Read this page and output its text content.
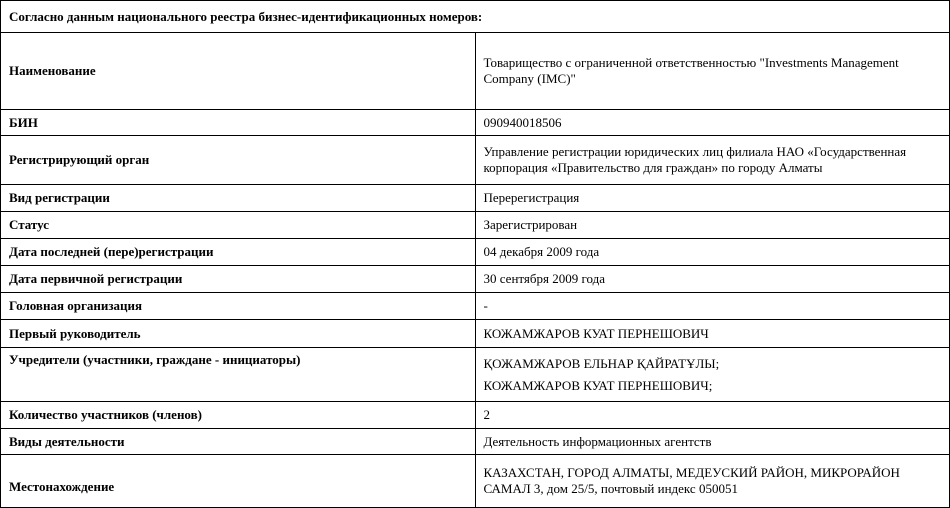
Согласно данным национального реестра бизнес-идентификационных номеров:	
Наименование	Товарищество с ограниченной ответственностью "Investments Management Company (IMC)"
БИН	090940018506
Регистрирующий орган	Управление регистрации юридических лиц филиала НАО «Государственная корпорация «Правительство для граждан» по городу Алматы
Вид регистрации	Перерегистрация
Статус	Зарегистрирован
Дата последней (пере)регистрации	04 декабря 2009 года
Дата первичной регистрации	30 сентября 2009 года
Головная организация	-
Первый руководитель	КОЖАМЖАРОВ КУАТ ПЕРНЕШОВИЧ
Учредители (участники, граждане - инициаторы)	ҚОЖАМЖАРОВ ЕЛЬНАР ҚАЙРАТҰЛЫ;
КОЖАМЖАРОВ КУАТ ПЕРНЕШОВИЧ;

Количество участников (членов)	2
Виды деятельности	Деятельность информационных агентств
Местонахождение	КАЗАХСТАН, ГОРОД АЛМАТЫ, МЕДЕУСКИЙ РАЙОН, МИКРОРАЙОН САМАЛ 3, дом 25/5, почтовый индекс 050051
